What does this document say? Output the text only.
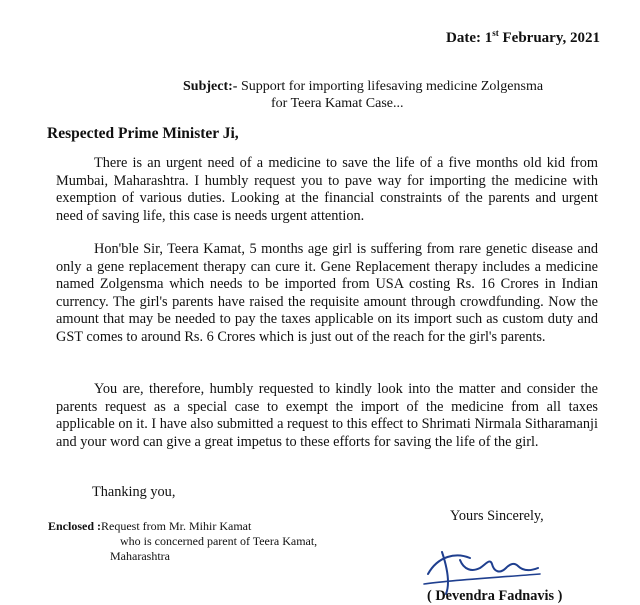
Date: 1st February, 2021
Subject:- Support for importing lifesaving medicine Zolgensma
for Teera Kamat Case...
Respected Prime Minister Ji,

There is an urgent need of a medicine to save the life of a five months old kid from Mumbai, Maharashtra. I humbly request you to pave way for importing the medicine with exemption of various duties. Looking at the financial constraints of the parents and urgent need of saving life, this case is needs urgent attention.

Hon'ble Sir, Teera Kamat, 5 months age girl is suffering from rare genetic disease and only a gene replacement therapy can cure it. Gene Replacement therapy includes a medicine named Zolgensma which needs to be imported from USA costing Rs. 16 Crores in Indian currency. The girl's parents have raised the requisite amount through crowdfunding. Now the amount that may be needed to pay the taxes applicable on its import such as custom duty and GST comes to around Rs. 6 Crores which is just out of the reach for the girl's parents.

You are, therefore, humbly requested to kindly look into the matter and consider the parents request as a special case to exempt the import of the medicine from all taxes applicable on it. I have also submitted a request to this effect to Shrimati Nirmala Sitharamanji and your word can give a great impetus to these efforts for saving the life of the girl.

Thanking you,
Enclosed :Request from Mr. Mihir Kamat
who is concerned parent of Teera Kamat,
Maharashtra
Yours Sincerely,
( Devendra Fadnavis )
